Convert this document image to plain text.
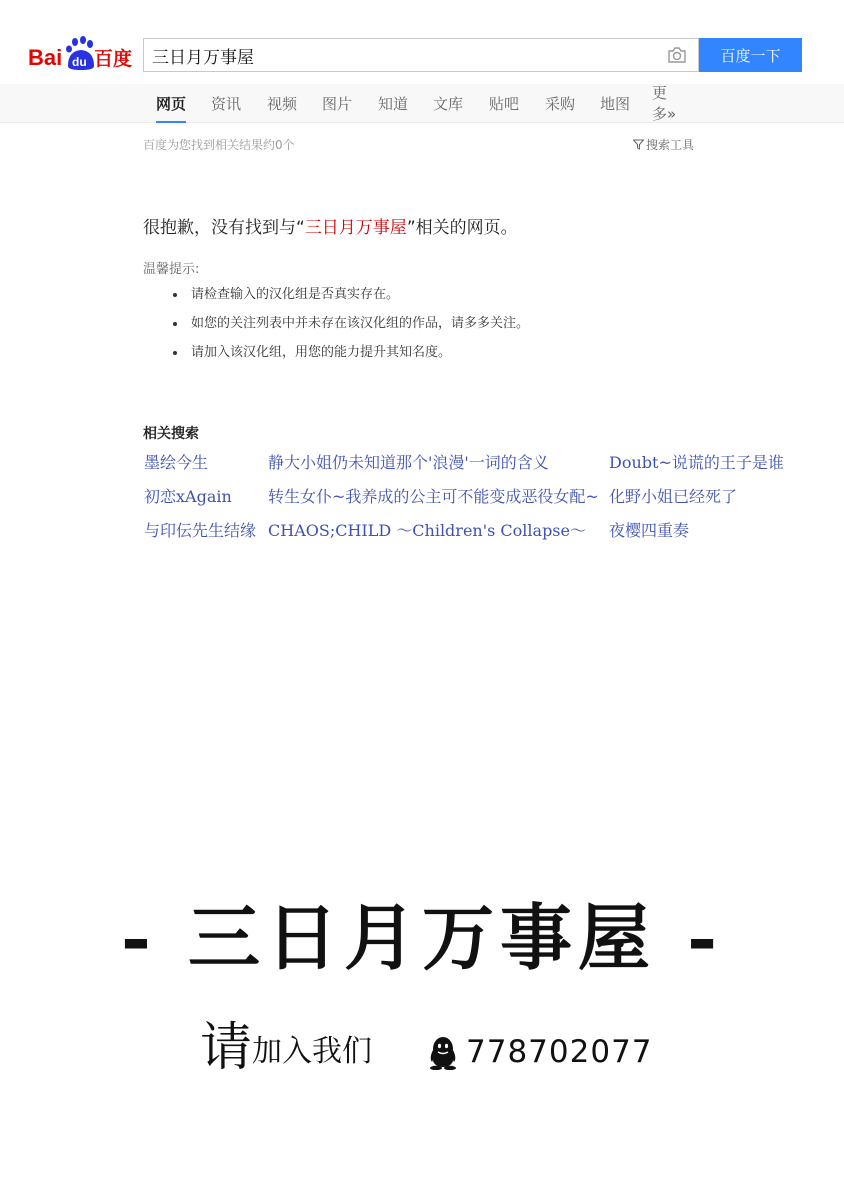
Bai du 百度
三日月万事屋	百度一下
网页 资讯 视频 图片 知道 文库 贴吧 采购 地图
更多»
百度为您找到相关结果约0个	搜索工具
很抱歉，没有找到与“三日月万事屋”相关的网页。
温馨提示:
请检查输入的汉化组是否真实存在。
如您的关注列表中并未存在该汉化组的作品，请多多关注。
请加入该汉化组，用您的能力提升其知名度。
相关搜索
墨绘今生	静大小姐仍未知道那个'浪漫'一词的含义	Doubt~说谎的王子是谁
初恋xAgain 转生女仆~我养成的公主可不能变成恶役女配~ 化野小姐已经死了
与印伝先生结缘 CHAOS;CHILD ～Children's Collapse～ 夜樱四重奏
- 三日月万事屋 -
请 加入我们	778702077
